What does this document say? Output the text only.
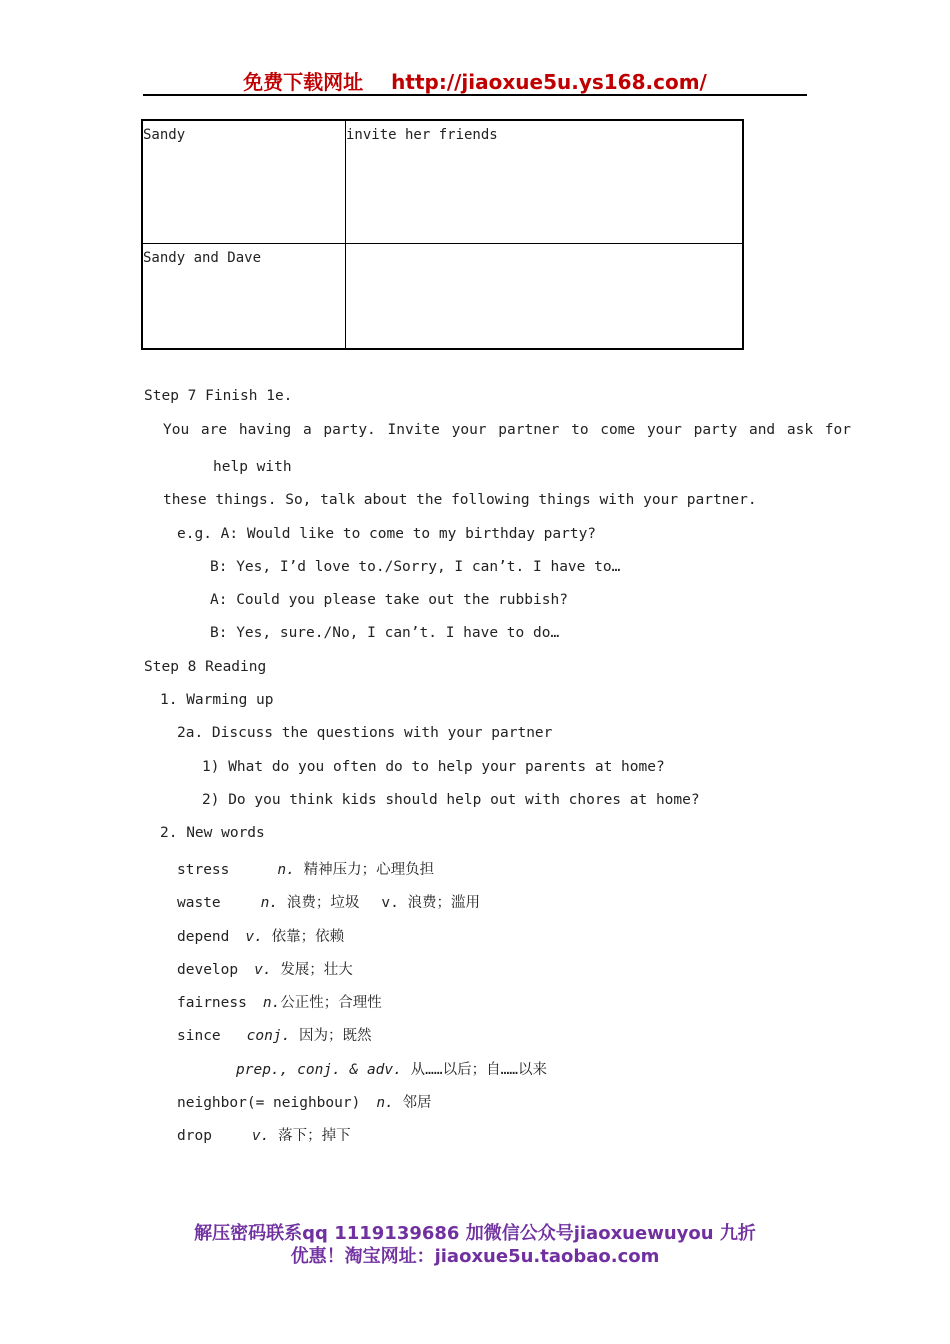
免费下载网址 http://jiaoxue5u.ys168.com/
Sandy	invite her friends
Sandy and Dave	
Step 7 Finish 1e.
You are having a party. Invite your partner to come your party and ask for
help with
these things. So, talk about the following things with your partner.
e.g. A: Would like to come to my birthday party?
B: Yes, I’d love to./Sorry, I can’t. I have to…
A: Could you please take out the rubbish?
B: Yes, sure./No, I can’t. I have to do…
Step 8 Reading
1. Warming up
2a. Discuss the questions with your partner
1) What do you often do to help your parents at home?
2) Do you think kids should help out with chores at home?
2. New words
stress	n. 精神压力；心理负担
waste	n. 浪费；垃圾 v. 浪费；滥用
depend v. 依靠；依赖
develop v. 发展；壮大
fairness n.公正性；合理性
since conj. 因为；既然
prep., conj. & adv. 从……以后；自……以来
neighbor(= neighbour) n. 邻居
drop	v. 落下；掉下
解压密码联系qq 1119139686 加微信公众号jiaoxuewuyou 九折
优惠！淘宝网址：jiaoxue5u.taobao.com
